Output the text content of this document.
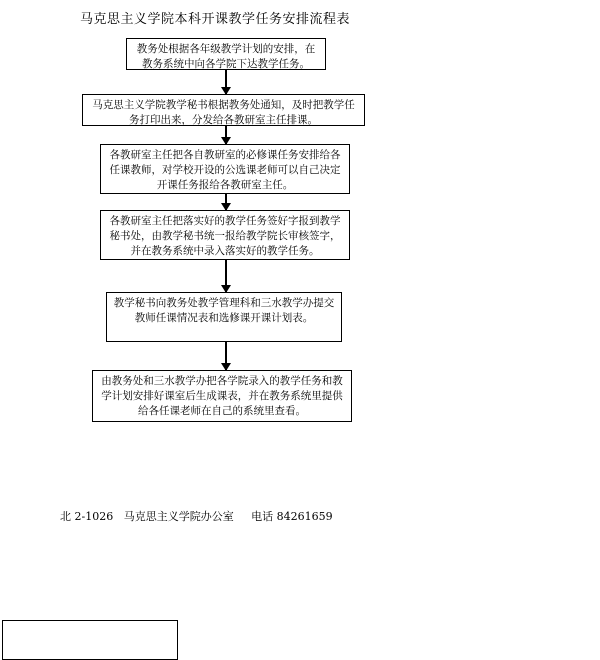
马克思主义学院本科开课教学任务安排流程表
教务处根据各年级教学计划的安排，在教务系统中向各学院下达教学任务。
马克思主义学院教学秘书根据教务处通知，及时把教学任务打印出来，分发给各教研室主任排课。
各教研室主任把各自教研室的必修课任务安排给各任课教师，对学校开设的公选课老师可以自己决定开课任务报给各教研室主任。
各教研室主任把落实好的教学任务签好字报到教学秘书处，由教学秘书统一报给教学院长审核签字，并在教务系统中录入落实好的教学任务。
教学秘书向教务处教学管理科和三水教学办提交教师任课情况表和选修课开课计划表。
由教务处和三水教学办把各学院录入的教学任务和教学计划安排好课室后生成课表，并在教务系统里提供给各任课老师在自己的系统里查看。
北 2-1026   马克思主义学院办公室     电话 84261659
